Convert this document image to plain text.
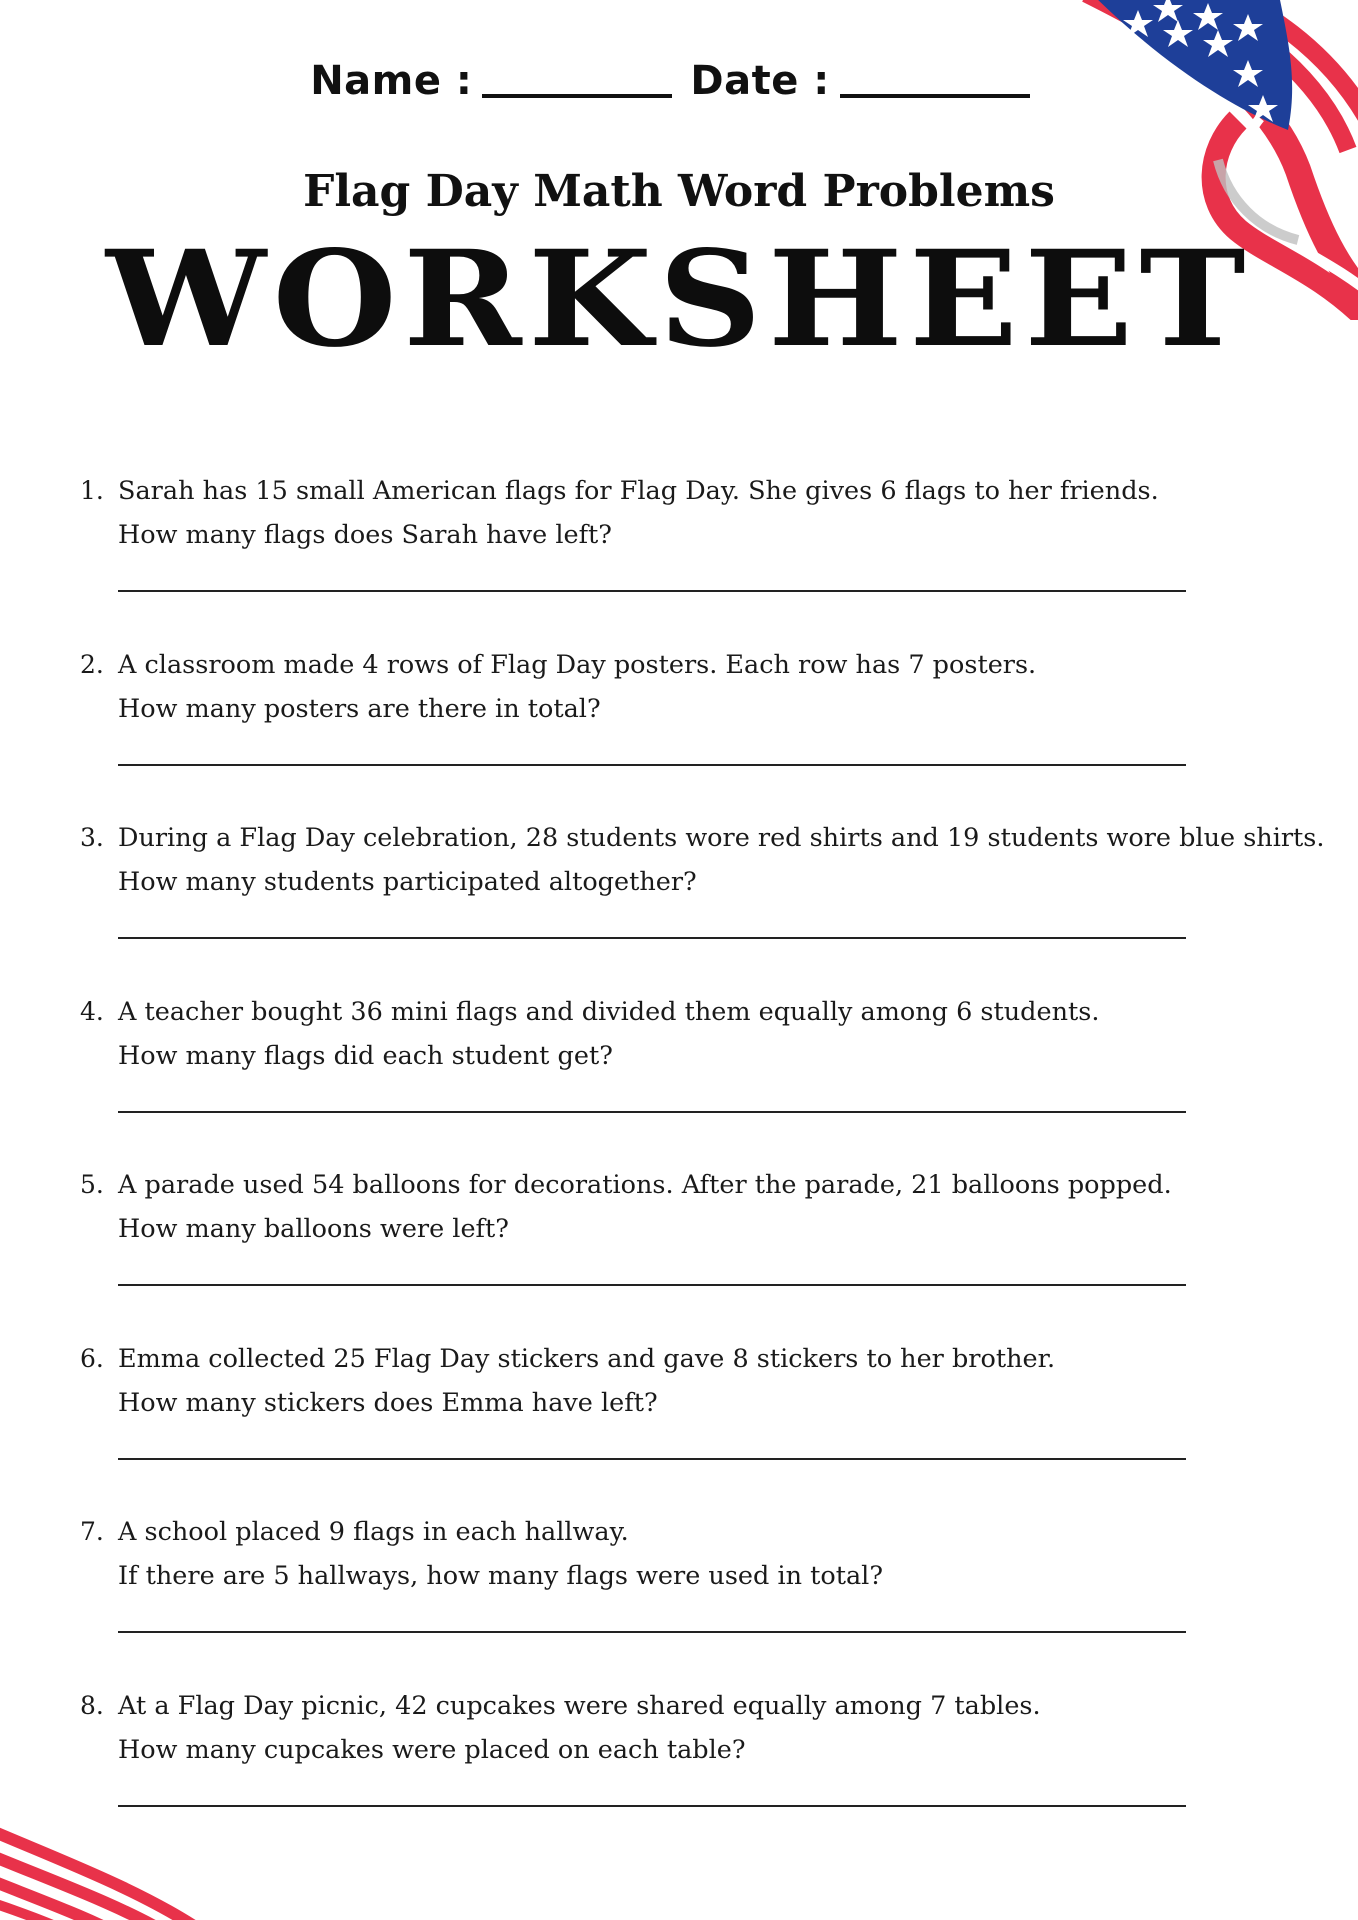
Name :	Date :
Flag Day Math Word Problems
WORKSHEET
1. Sarah has 15 small American flags for Flag Day. She gives 6 flags to her friends.
How many flags does Sarah have left?
2. A classroom made 4 rows of Flag Day posters. Each row has 7 posters.
How many posters are there in total?
3. During a Flag Day celebration, 28 students wore red shirts and 19 students wore blue shirts.
How many students participated altogether?
4. A teacher bought 36 mini flags and divided them equally among 6 students.
How many flags did each student get?
5. A parade used 54 balloons for decorations. After the parade, 21 balloons popped.
How many balloons were left?
6. Emma collected 25 Flag Day stickers and gave 8 stickers to her brother.
How many stickers does Emma have left?
7. A school placed 9 flags in each hallway.
If there are 5 hallways, how many flags were used in total?
8. At a Flag Day picnic, 42 cupcakes were shared equally among 7 tables.
How many cupcakes were placed on each table?
